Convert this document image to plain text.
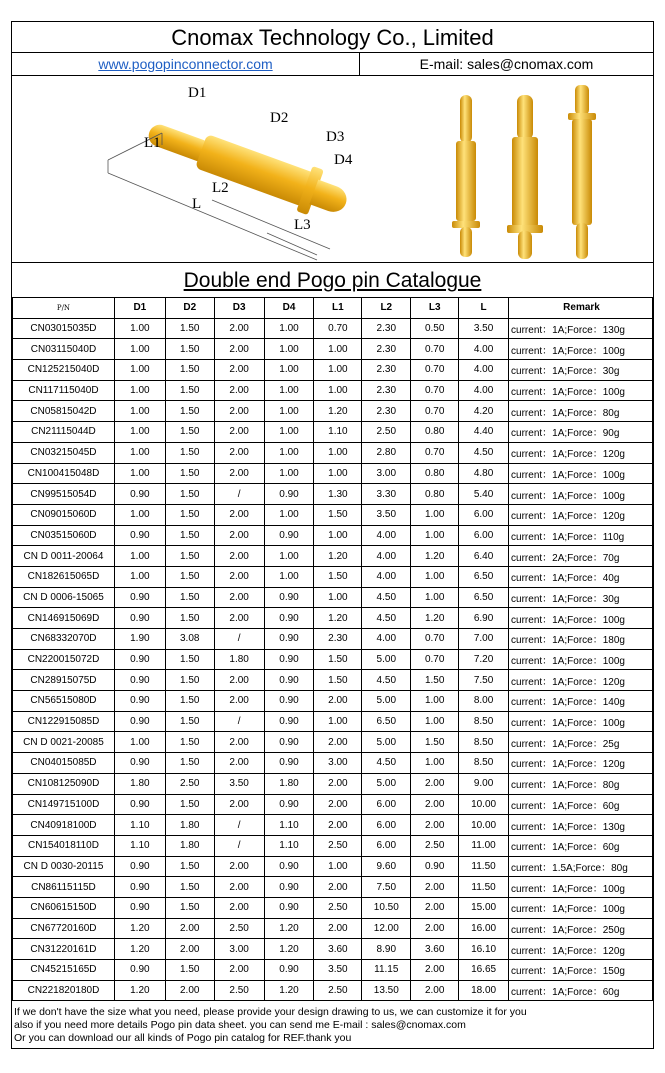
Cnomax Technology Co., Limited
www.pogopinconnector.com	E-mail: sales@cnomax.com
D1
D2
D3
D4
L1
L2
L
L3
Double end Pogo pin Catalogue
P/N	D1	D2	D3	D4	L1	L2	L3	L	Remark
CN03015035D	1.00	1.50	2.00	1.00	0.70	2.30	0.50	3.50	current：1A;Force：130g
CN03115040D	1.00	1.50	2.00	1.00	1.00	2.30	0.70	4.00	current：1A;Force：100g
CN125215040D	1.00	1.50	2.00	1.00	1.00	2.30	0.70	4.00	current：1A;Force：30g
CN117115040D	1.00	1.50	2.00	1.00	1.00	2.30	0.70	4.00	current：1A;Force：100g
CN05815042D	1.00	1.50	2.00	1.00	1.20	2.30	0.70	4.20	current：1A;Force：80g
CN21115044D	1.00	1.50	2.00	1.00	1.10	2.50	0.80	4.40	current：1A;Force：90g
CN03215045D	1.00	1.50	2.00	1.00	1.00	2.80	0.70	4.50	current：1A;Force：120g
CN100415048D	1.00	1.50	2.00	1.00	1.00	3.00	0.80	4.80	current：1A;Force：100g
CN99515054D	0.90	1.50	/	0.90	1.30	3.30	0.80	5.40	current：1A;Force：100g
CN09015060D	1.00	1.50	2.00	1.00	1.50	3.50	1.00	6.00	current：1A;Force：120g
CN03515060D	0.90	1.50	2.00	0.90	1.00	4.00	1.00	6.00	current：1A;Force：110g
CN D 0011-20064	1.00	1.50	2.00	1.00	1.20	4.00	1.20	6.40	current：2A;Force：70g
CN182615065D	1.00	1.50	2.00	1.00	1.50	4.00	1.00	6.50	current：1A;Force：40g
CN D 0006-15065	0.90	1.50	2.00	0.90	1.00	4.50	1.00	6.50	current：1A;Force：30g
CN146915069D	0.90	1.50	2.00	0.90	1.20	4.50	1.20	6.90	current：1A;Force：100g
CN68332070D	1.90	3.08	/	0.90	2.30	4.00	0.70	7.00	current：1A;Force：180g
CN220015072D	0.90	1.50	1.80	0.90	1.50	5.00	0.70	7.20	current：1A;Force：100g
CN28915075D	0.90	1.50	2.00	0.90	1.50	4.50	1.50	7.50	current：1A;Force：120g
CN56515080D	0.90	1.50	2.00	0.90	2.00	5.00	1.00	8.00	current：1A;Force：140g
CN122915085D	0.90	1.50	/	0.90	1.00	6.50	1.00	8.50	current：1A;Force：100g
CN D 0021-20085	1.00	1.50	2.00	0.90	2.00	5.00	1.50	8.50	current：1A;Force：25g
CN04015085D	0.90	1.50	2.00	0.90	3.00	4.50	1.00	8.50	current：1A;Force：120g
CN108125090D	1.80	2.50	3.50	1.80	2.00	5.00	2.00	9.00	current：1A;Force：80g
CN149715100D	0.90	1.50	2.00	0.90	2.00	6.00	2.00	10.00	current：1A;Force：60g
CN40918100D	1.10	1.80	/	1.10	2.00	6.00	2.00	10.00	current：1A;Force：130g
CN154018110D	1.10	1.80	/	1.10	2.50	6.00	2.50	11.00	current：1A;Force：60g
CN D 0030-20115	0.90	1.50	2.00	0.90	1.00	9.60	0.90	11.50	current：1.5A;Force：80g
CN86115115D	0.90	1.50	2.00	0.90	2.00	7.50	2.00	11.50	current：1A;Force：100g
CN60615150D	0.90	1.50	2.00	0.90	2.50	10.50	2.00	15.00	current：1A;Force：100g
CN67720160D	1.20	2.00	2.50	1.20	2.00	12.00	2.00	16.00	current：1A;Force：250g
CN31220161D	1.20	2.00	3.00	1.20	3.60	8.90	3.60	16.10	current：1A;Force：120g
CN45215165D	0.90	1.50	2.00	0.90	3.50	11.15	2.00	16.65	current：1A;Force：150g
CN221820180D	1.20	2.00	2.50	1.20	2.50	13.50	2.00	18.00	current：1A;Force：60g
If we don't have the size what you need, please provide your design drawing to us, we can customize it for you
also if you need more details Pogo pin data sheet. you can send me E-mail : sales@cnomax.com
Or you can download our all kinds of Pogo pin catalog for REF.thank you
